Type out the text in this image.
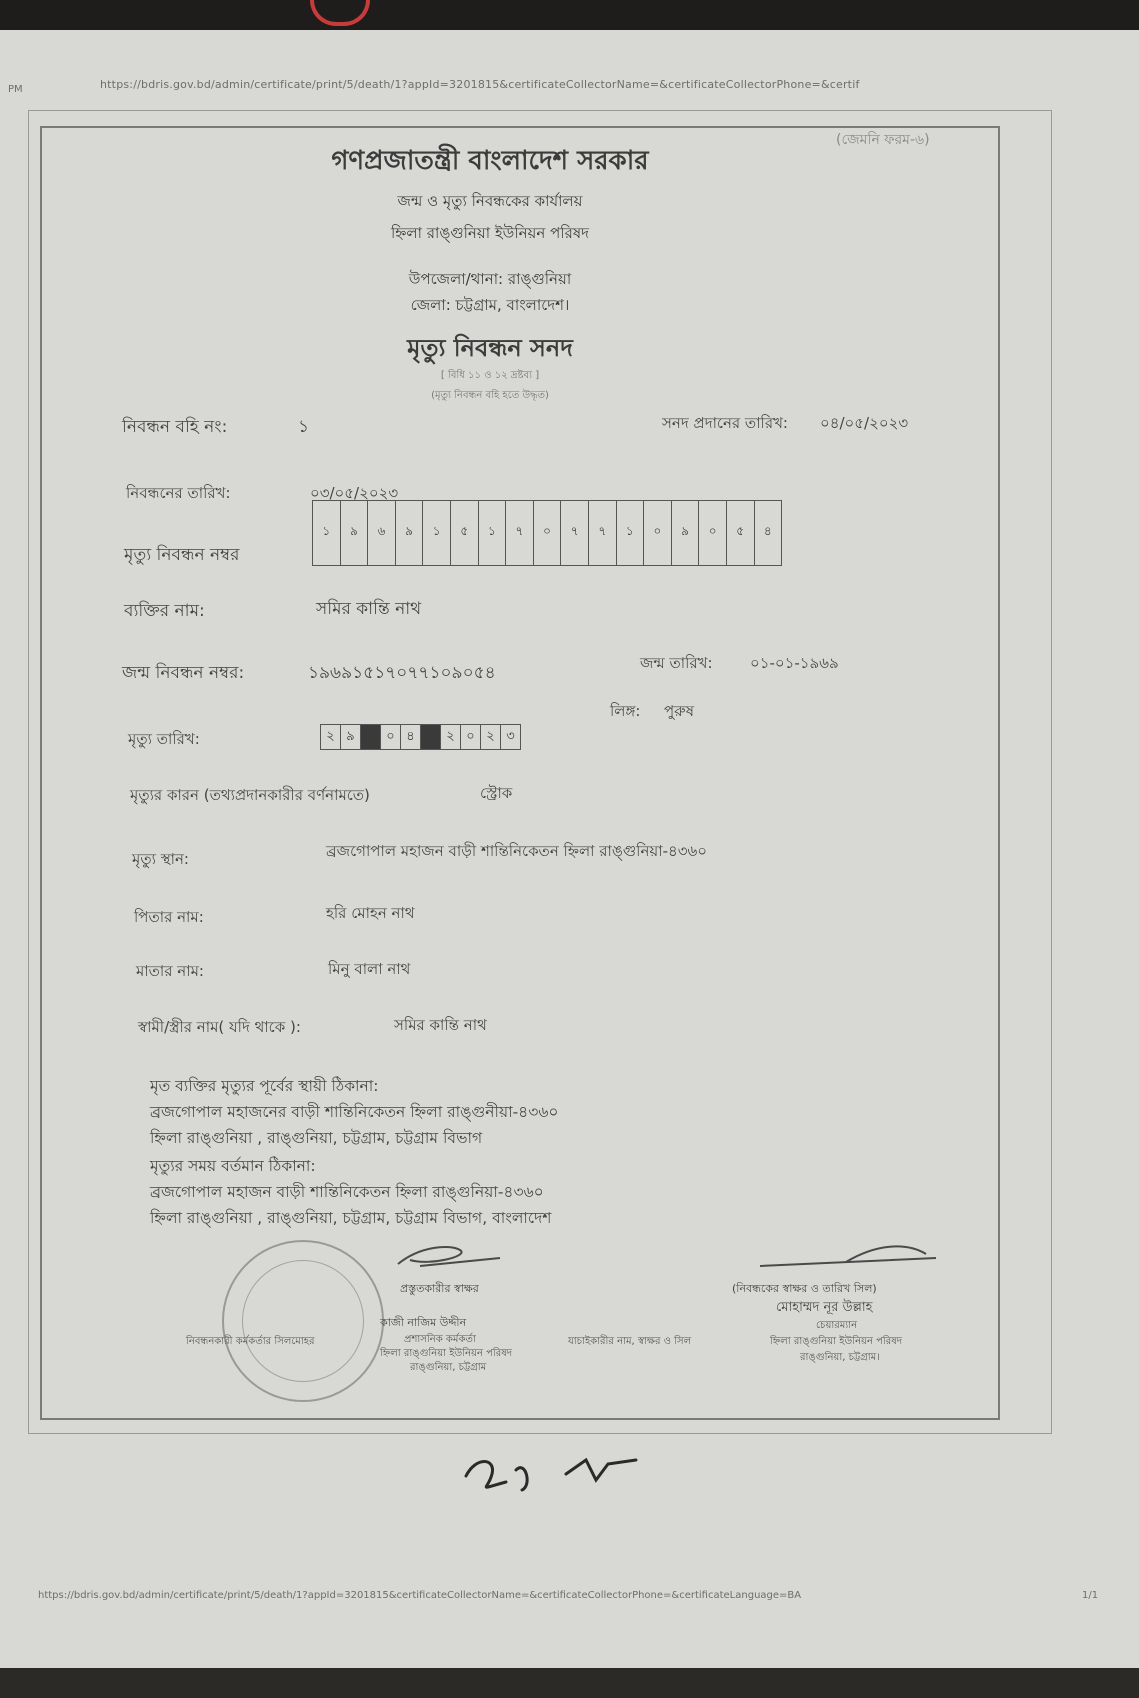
PM	https://bdris.gov.bd/admin/certificate/print/5/death/1?appId=3201815&certificateCollectorName=&certificateCollectorPhone=&certif
(জেমনি ফরম-৬)
গণপ্রজাতন্ত্রী বাংলাদেশ সরকার
জন্ম ও মৃত্যু নিবন্ধকের কার্যালয়
হ্নিলা রাঙ্গুনিয়া ইউনিয়ন পরিষদ
উপজেলা/থানা: রাঙ্গুনিয়া
জেলা: চট্টগ্রাম, বাংলাদেশ।
মৃত্যু নিবন্ধন সনদ
[ বিধি ১১ ও ১২ দ্রষ্টব্য ]
(মৃত্যু নিবন্ধন বহি হতে উদ্ধৃত)
নিবন্ধন বহি নং:	১	সনদ প্রদানের তারিখ: ০৪/০৫/২০২৩
নিবন্ধনের তারিখ:	০৩/০৫/২০২৩
মৃত্যু নিবন্ধন নম্বর
১	৯	৬	৯	১	৫	১	৭	০	৭	৭	১	০	৯	০	৫	৪
ব্যক্তির নাম:	সমির কান্তি নাথ
জন্ম নিবন্ধন নম্বর:	১৯৬৯১৫১৭০৭৭১০৯০৫৪	জন্ম তারিখ: ০১-০১-১৯৬৯
লিঙ্গ: পুরুষ
মৃত্যু তারিখ:	২ ৯	০ ৪	২ ০ ২ ৩
মৃত্যুর কারন (তথ্যপ্রদানকারীর বর্ণনামতে)	স্ট্রোক
মৃত্যু স্থান:	ব্রজগোপাল মহাজন বাড়ী শান্তিনিকেতন হ্নিলা রাঙ্গুনিয়া-৪৩৬০
পিতার নাম:	হরি মোহন নাথ
মাতার নাম:	মিনু বালা নাথ
স্বামী/স্ত্রীর নাম( যদি থাকে ):	সমির কান্তি নাথ
মৃত ব্যক্তির মৃত্যুর পূর্বের স্থায়ী ঠিকানা:
ব্রজগোপাল মহাজনের বাড়ী শান্তিনিকেতন হ্নিলা রাঙ্গুনীয়া-৪৩৬০
হ্নিলা রাঙ্গুনিয়া , রাঙ্গুনিয়া, চট্টগ্রাম, চট্টগ্রাম বিভাগ
মৃত্যুর সময় বর্তমান ঠিকানা:
ব্রজগোপাল মহাজন বাড়ী শান্তিনিকেতন হ্নিলা রাঙ্গুনিয়া-৪৩৬০
হ্নিলা রাঙ্গুনিয়া , রাঙ্গুনিয়া, চট্টগ্রাম, চট্টগ্রাম বিভাগ, বাংলাদেশ
প্রস্তুতকারীর স্বাক্ষর	(নিবন্ধকের স্বাক্ষর ও তারিখ সিল)
মোহাম্মদ নূর উল্লাহ
চেয়ারম্যান
হ্নিলা রাঙ্গুনিয়া ইউনিয়ন পরিষদ
রাঙ্গুনিয়া, চট্টগ্রাম।
নিবন্ধনকারী কর্মকর্তার সিলমোহর
কাজী নাজিম উদ্দীন
প্রশাসনিক কর্মকর্তা
হ্নিলা রাঙ্গুনিয়া ইউনিয়ন পরিষদ
রাঙ্গুনিয়া, চট্টগ্রাম
যাচাইকারীর নাম, স্বাক্ষর ও সিল
https://bdris.gov.bd/admin/certificate/print/5/death/1?appId=3201815&certificateCollectorName=&certificateCollectorPhone=&certificateLanguage=BA	1/1
